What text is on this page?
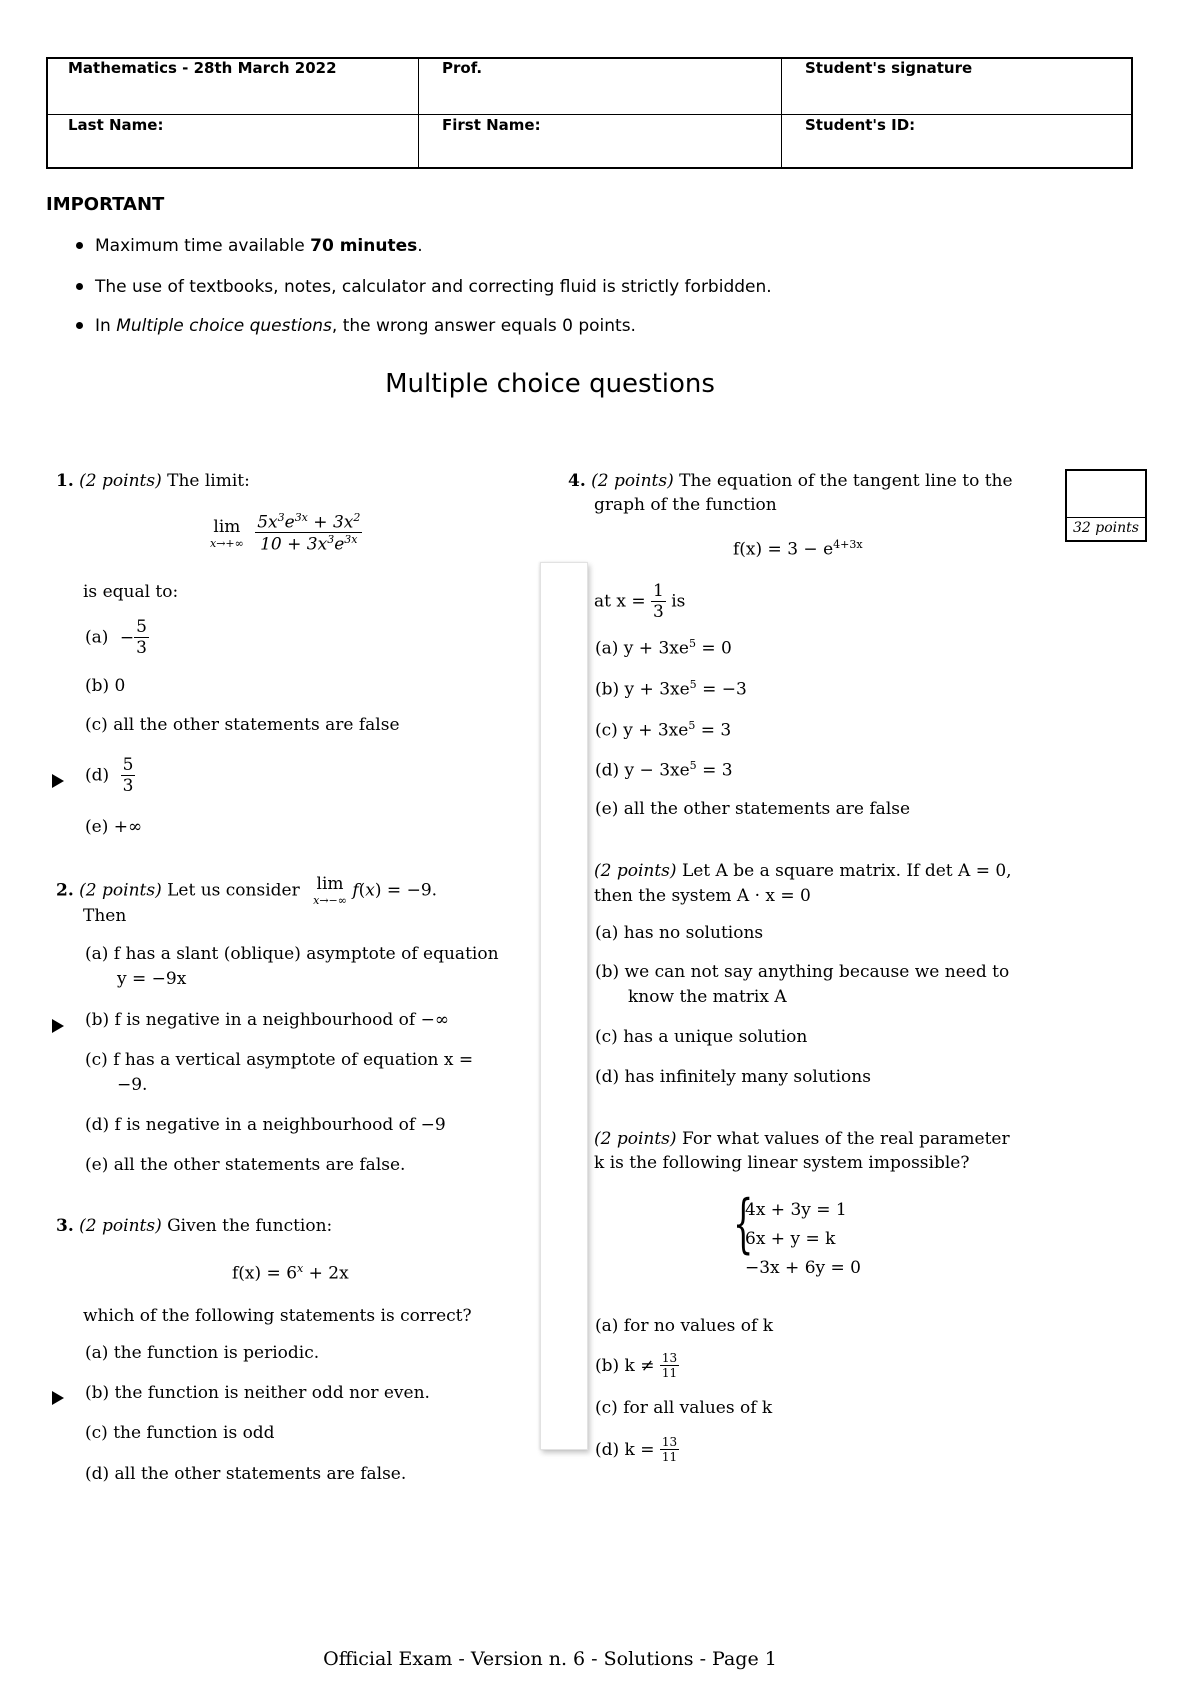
Mathematics - 28th March 2022	Prof.	Student's signature
Last Name:	First Name:	Student's ID:
IMPORTANT
Maximum time available 70 minutes.
The use of textbooks, notes, calculator and correcting fluid is strictly forbidden.
In Multiple choice questions, the wrong answer equals 0 points.
Multiple choice questions
32 points
1. (2 points) The limit:
lim
x→+∞
$\frac{5x^3e^{3x} + 3x^2}{10 + 3x^3e^{3x}}$
is equal to:
$(a) - \frac{5}{3}$
(b) 0
(c) all the other statements are false
$(d) \frac{5}{3}$
(e) +∞
2. (2 points) Let us consider lim
x→−∞ f(x) = −9.
Then
(a) f has a slant (oblique) asymptote of equation
y = −9x
(b) f is negative in a neighbourhood of −∞
(c) f has a vertical asymptote of equation x =
−9.
(d) f is negative in a neighbourhood of −9
(e) all the other statements are false.
3. (2 points) Given the function:
$f(x) = 6^x + 2x$
which of the following statements is correct?
(a) the function is periodic.
(b) the function is neither odd nor even.
(c) the function is odd
(d) all the other statements are false.
4. (2 points) The equation of the tangent line to the
graph of the function
$f(x) = 3 - e^{4+3x}$
at $x = \frac{1}{3}$ is
(a) $y + 3xe^5 = 0$
(b) $y + 3xe^5 = -3$
(c) $y + 3xe^5 = 3$
(d) $y - 3xe^5 = 3$
(e) all the other statements are false
(2 points) Let A be a square matrix. If det A = 0,
then the system A · x = 0
(a) has no solutions
(b) we can not say anything because we need to
know the matrix A
(c) has a unique solution
(d) has infinitely many solutions
(2 points) For what values of the real parameter
k is the following linear system impossible?
{
4x + 3y = 1
6x + y = k
−3x + 6y = 0
(a) for no values of k
(b) $k \ne \frac{13}{11}$
(c) for all values of k
(d) $k = \frac{13}{11}$
Official Exam - Version n. 6 - Solutions - Page 1
